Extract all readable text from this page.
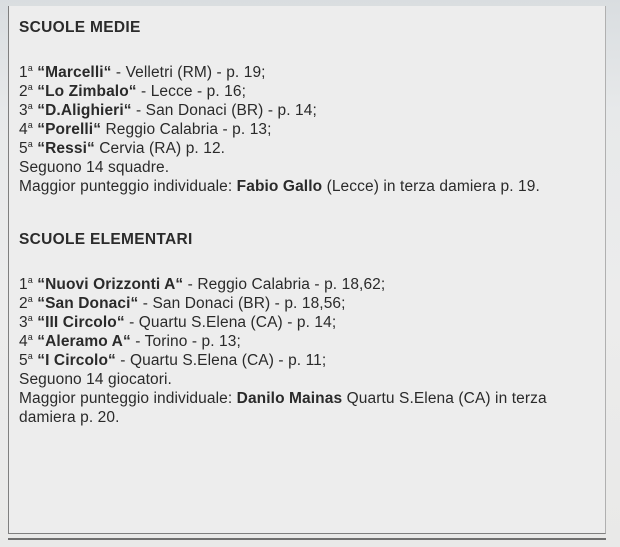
SCUOLE MEDIE
1$^a$ “Marcelli“ - Velletri (RM) - p. 19;
2$^a$ “Lo Zimbalo“ - Lecce - p. 16;
3$^a$ “D.Alighieri“ - San Donaci (BR) - p. 14;
4$^a$ “Porelli“ Reggio Calabria - p. 13;
5$^a$ “Ressi“ Cervia (RA) p. 12.
Seguono 14 squadre.
Maggior punteggio individuale: Fabio Gallo (Lecce) in terza damiera p. 19.
SCUOLE ELEMENTARI
1$^a$ “Nuovi Orizzonti A“ - Reggio Calabria - p. 18,62;
2$^a$ “San Donaci“ - San Donaci (BR) - p. 18,56;
3$^a$ “III Circolo“ - Quartu S.Elena (CA) - p. 14;
4$^a$ “Aleramo A“ - Torino - p. 13;
5$^a$ “I Circolo“ - Quartu S.Elena (CA) - p. 11;
Seguono 14 giocatori.
Maggior punteggio individuale: Danilo Mainas Quartu S.Elena (CA) in terza damiera p. 20.
